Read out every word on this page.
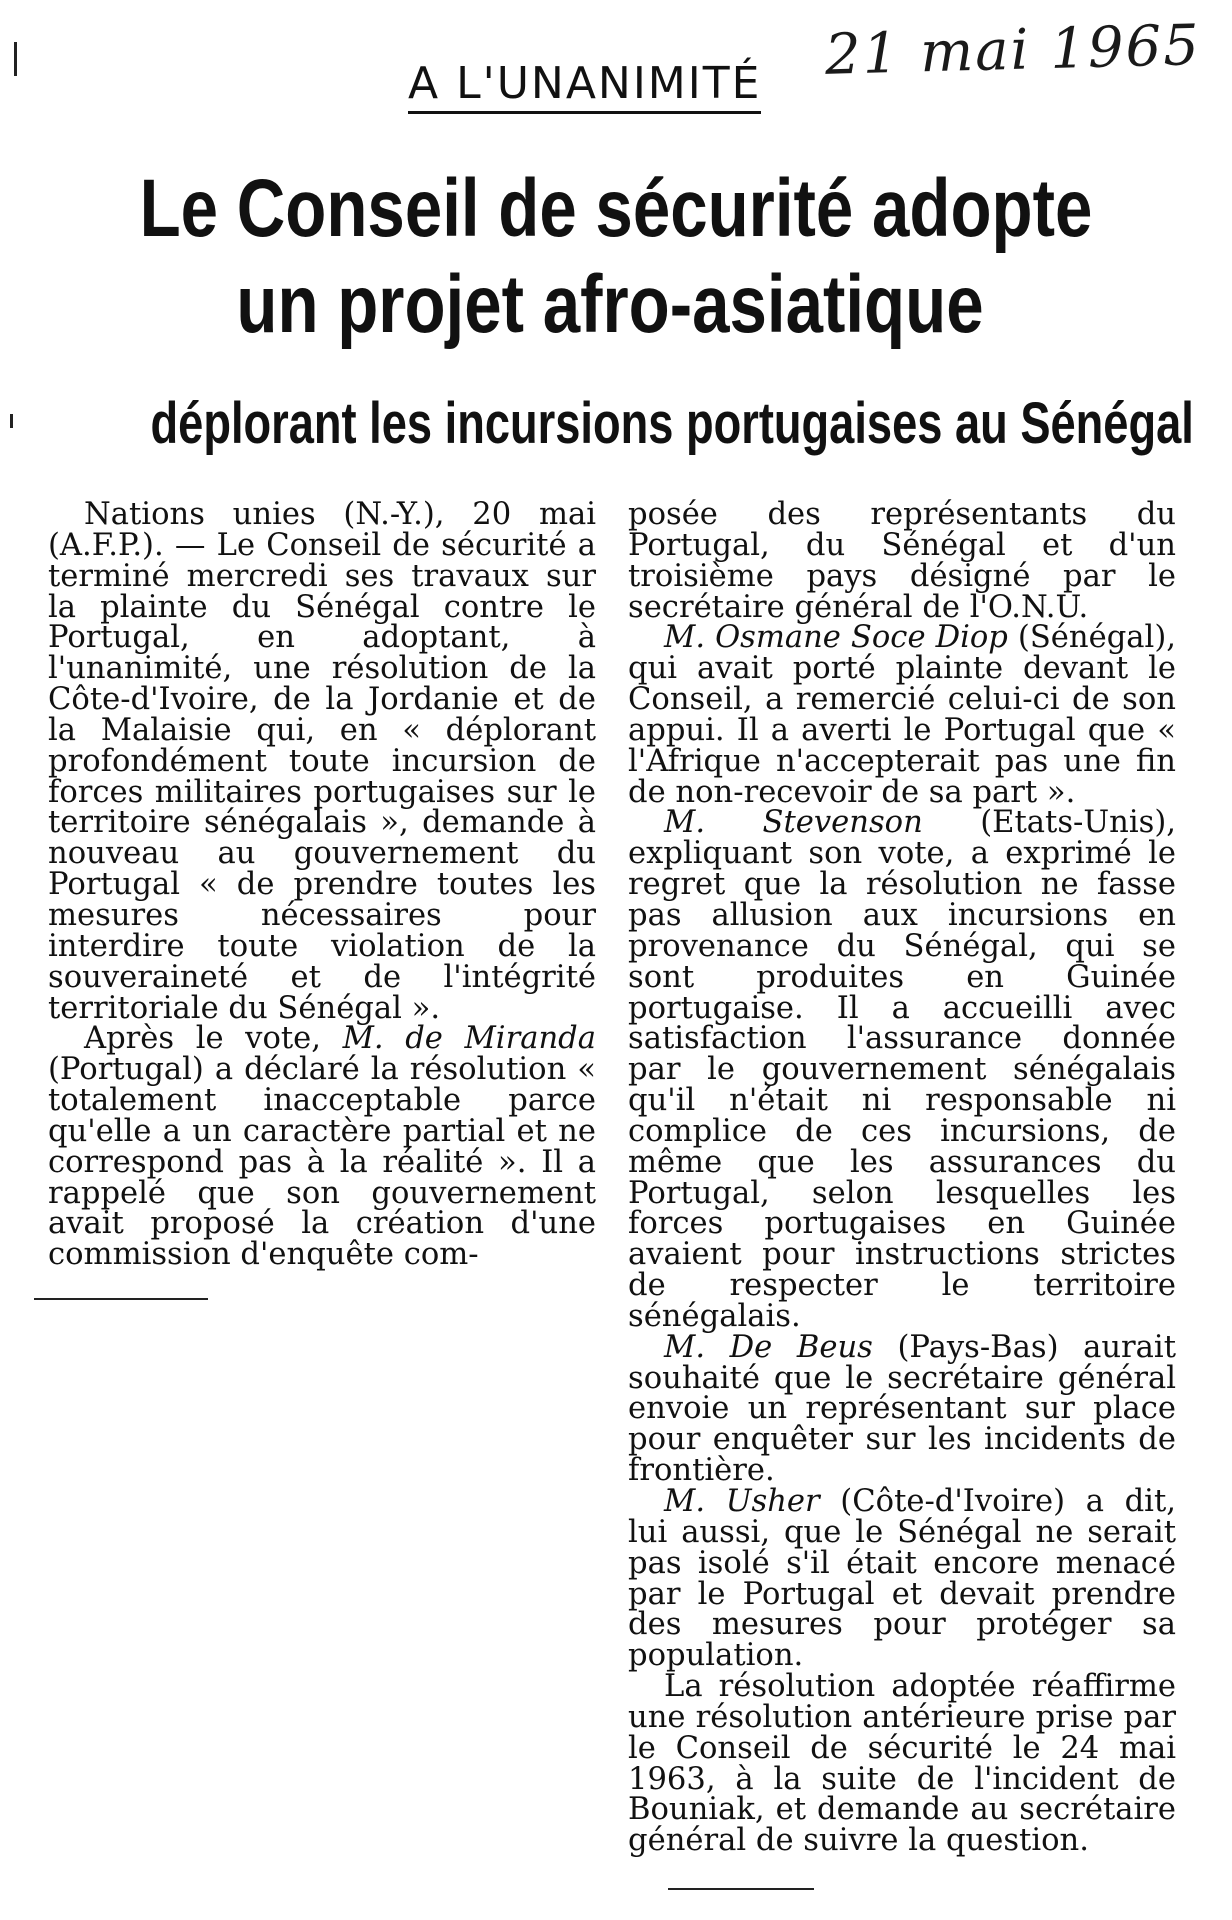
21 mai 1965
A L'UNANIMITÉ
Le Conseil de sécurité adopte
un projet afro-asiatique
déplorant les incursions portugaises au Sénégal

Nations unies (N.-Y.), 20 mai (A.F.P.). — Le Conseil de sécurité a terminé mercredi ses travaux sur la plainte du Sénégal contre le Portugal, en adoptant, à l'unanimité, une résolution de la Côte-d'Ivoire, de la Jordanie et de la Malaisie qui, en « déplorant profondément toute incursion de forces militaires portugaises sur le territoire sénégalais », demande à nouveau au gouvernement du Portugal « de prendre toutes les mesures nécessaires pour interdire toute violation de la souveraineté et de l'intégrité territoriale du Sénégal ».

Après le vote, M. de Miranda (Portugal) a déclaré la résolution « totalement inacceptable parce qu'elle a un caractère partial et ne correspond pas à la réalité ». Il a rappelé que son gouvernement avait proposé la création d'une commission d'enquête com-

posée des représentants du Portugal, du Sénégal et d'un troisième pays désigné par le secrétaire général de l'O.N.U.

M. Osmane Soce Diop (Sénégal), qui avait porté plainte devant le Conseil, a remercié celui-ci de son appui. Il a averti le Portugal que « l'Afrique n'accepterait pas une fin de non-recevoir de sa part ».

M. Stevenson (Etats-Unis), expliquant son vote, a exprimé le regret que la résolution ne fasse pas allusion aux incursions en provenance du Sénégal, qui se sont produites en Guinée portugaise. Il a accueilli avec satisfaction l'assurance donnée par le gouvernement sénégalais qu'il n'était ni responsable ni complice de ces incursions, de même que les assurances du Portugal, selon lesquelles les forces portugaises en Guinée avaient pour instructions strictes de respecter le territoire sénégalais.

M. De Beus (Pays-Bas) aurait souhaité que le secrétaire général envoie un représentant sur place pour enquêter sur les incidents de frontière.

M. Usher (Côte-d'Ivoire) a dit, lui aussi, que le Sénégal ne serait pas isolé s'il était encore menacé par le Portugal et devait prendre des mesures pour protéger sa population.

La résolution adoptée réaffirme une résolution antérieure prise par le Conseil de sécurité le 24 mai 1963, à la suite de l'incident de Bouniak, et demande au secrétaire général de suivre la question.
